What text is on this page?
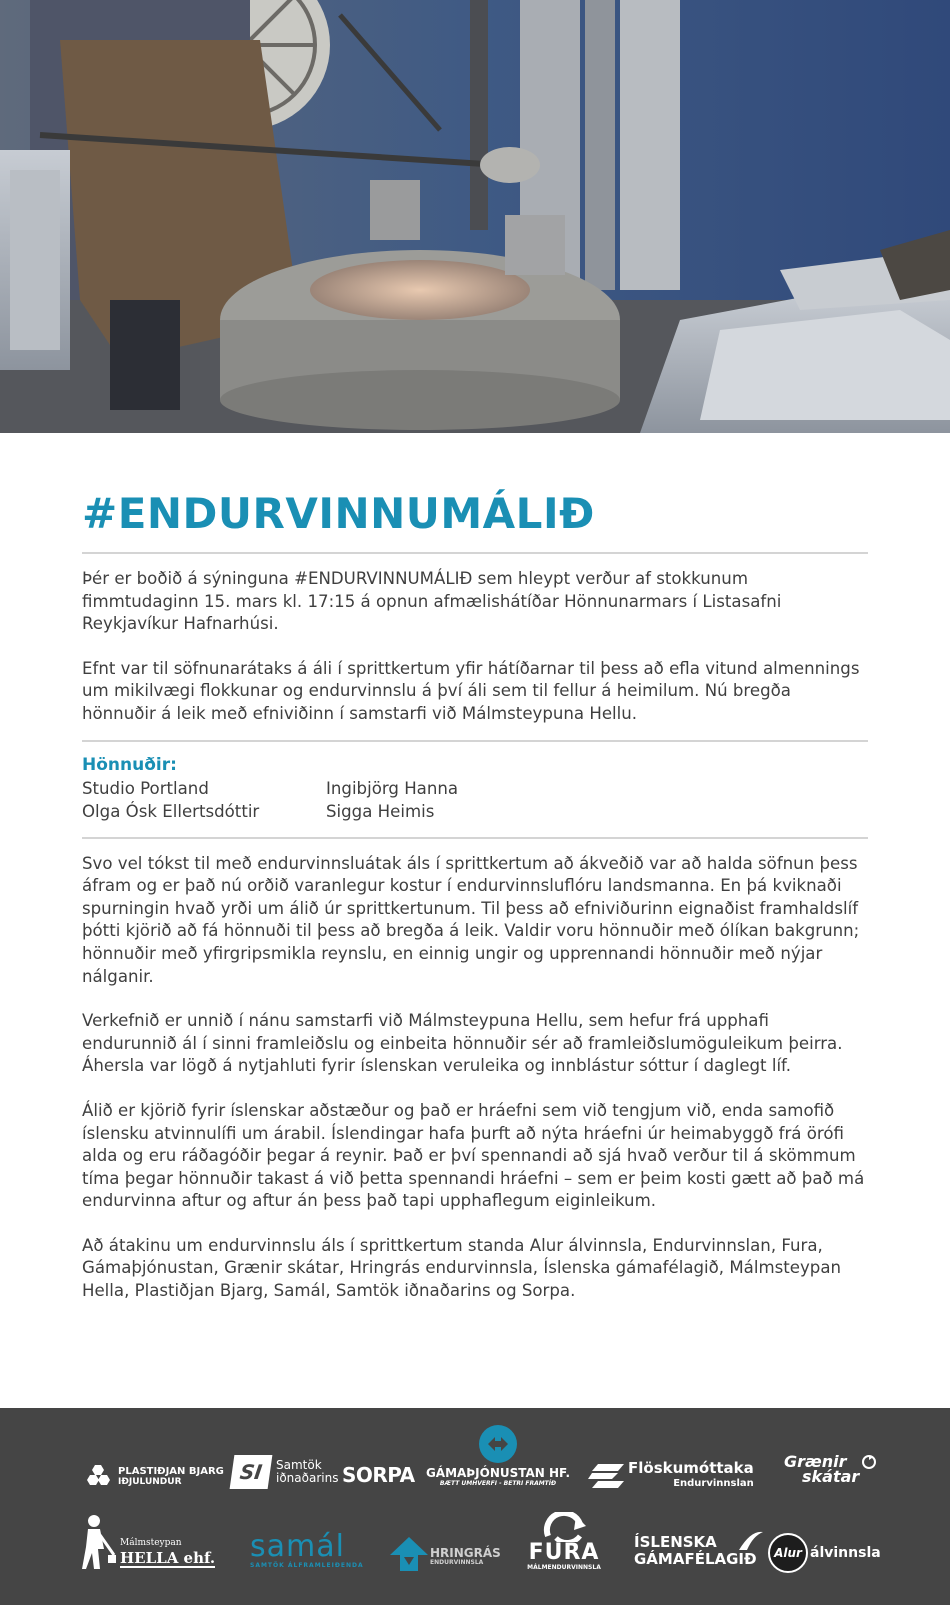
#ENDURVINNUMÁLIÐ

Þér er boðið á sýninguna #ENDURVINNUMÁLIÐ sem hleypt verður af stokkunum fimmtudaginn 15. mars kl. 17:15 á opnun afmælishátíðar Hönnunarmars í Listasafni Reykjavíkur Hafnarhúsi.

Efnt var til söfnunarátaks á áli í sprittkertum yfir hátíðarnar til þess að efla vitund almennings um mikilvægi flokkunar og endurvinnslu á því áli sem til fellur á heimilum. Nú bregða hönnuðir á leik með efniviðinn í samstarfi við Málmsteypuna Hellu.

Hönnuðir:
Studio Portland	Ingibjörg Hanna
Olga Ósk Ellertsdóttir	Sigga Heimis

Svo vel tókst til með endurvinnsluátak áls í sprittkertum að ákveðið var að halda söfnun þess áfram og er það nú orðið varanlegur kostur í endurvinnsluflóru landsmanna. En þá kviknaði spurningin hvað yrði um álið úr sprittkertunum. Til þess að efniviðurinn eignaðist framhaldslíf þótti kjörið að fá hönnuði til þess að bregða á leik. Valdir voru hönnuðir með ólíkan bakgrunn; hönnuðir með yfirgripsmikla reynslu, en einnig ungir og upprennandi hönnuðir með nýjar nálganir.

Verkefnið er unnið í nánu samstarfi við Málmsteypuna Hellu, sem hefur frá upphafi endurunnið ál í sinni framleiðslu og einbeita hönnuðir sér að framleiðslumöguleikum þeirra. Áhersla var lögð á nytjahluti fyrir íslenskan veruleika og innblástur sóttur í daglegt líf.

Álið er kjörið fyrir íslenskar aðstæður og það er hráefni sem við tengjum við, enda samofið íslensku atvinnulífi um árabil. Íslendingar hafa þurft að nýta hráefni úr heimabyggð frá örófi alda og eru ráðagóðir þegar á reynir. Það er því spennandi að sjá hvað verður til á skömmum tíma þegar hönnuðir takast á við þetta spennandi hráefni – sem er þeim kosti gætt að það má endurvinna aftur og aftur án þess það tapi upphaflegum eiginleikum.

Að átakinu um endurvinnslu áls í sprittkertum standa Alur álvinnsla, Endurvinnslan, Fura, Gámaþjónustan, Grænir skátar, Hringrás endurvinnsla, Íslenska gámafélagið, Málmsteypan Hella, Plastiðjan Bjarg, Samál, Samtök iðnaðarins og Sorpa.

PLASTIÐJAN BJARG
IÐJULUNDUR	SI	Samtök
iðnaðarins SORPA GÁMAÞJÓNUSTAN HF.
BÆTT UMHVERFI - BETRI FRAMTÍÐ
Flöskumóttaka
Endurvinnslan
Grænir
skátar
Málmsteypan
HELLA ehf. samál
SAMTÖK ÁLFRAMLEIÐENDA
HRINGRÁS
ENDURVINNSLA	FURA
MÁLMENDURVINNSLA
ÍSLENSKA
GÁMAFÉLAGIÐ	Alur álvinnsla
